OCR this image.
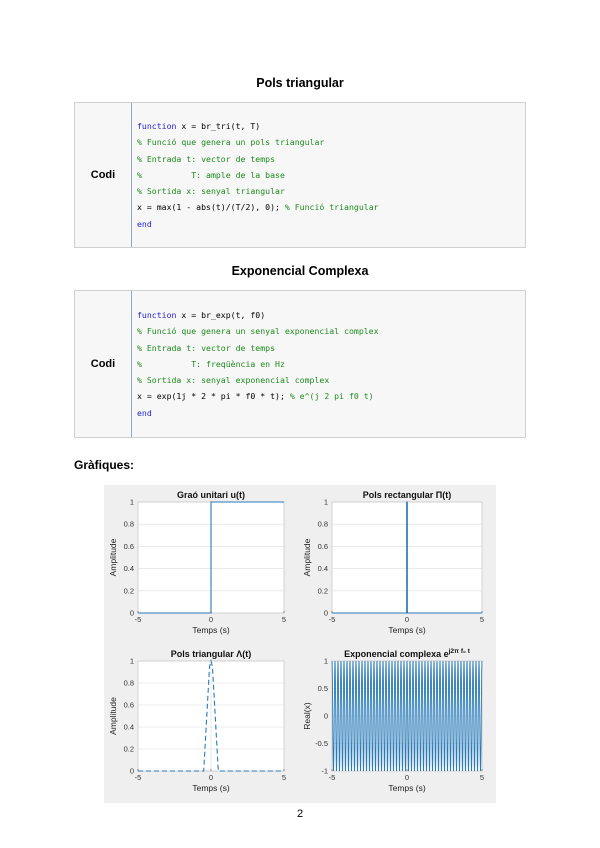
Pols triangular
Codi
function x = br_tri(t, T)
% Funció que genera un pols triangular
% Entrada t: vector de temps
%          T: ample de la base
% Sortida x: senyal triangular
x = max(1 - abs(t)/(T/2), 0); % Funció triangular
end
Exponencial Complexa
Codi
function x = br_exp(t, f0)
% Funció que genera un senyal exponencial complex
% Entrada t: vector de temps
%          T: freqüència en Hz
% Sortida x: senyal exponencial complex
x = exp(1j * 2 * pi * f0 * t); % e^(j 2 pi f0 t)
end
Gràfiques:
-5	0	5
0
0.2
0.4
0.6
0.8
1
Graó unitari u(t)
Temps (s)
Amplitude
-5	0	5
0
0.2
0.4
0.6
0.8
1
Pols rectangular Π(t)
Temps (s)
Amplitude
-5	0	5
0
0.2
0.4
0.6
0.8
1
Pols triangular Λ(t)
Temps (s)
Amplitude
-5	0	5
-1
-0.5
0
0.5
1
Exponencial complexa $e^{j2\pi f_0 t}$
Temps (s)
Real(x)
2
